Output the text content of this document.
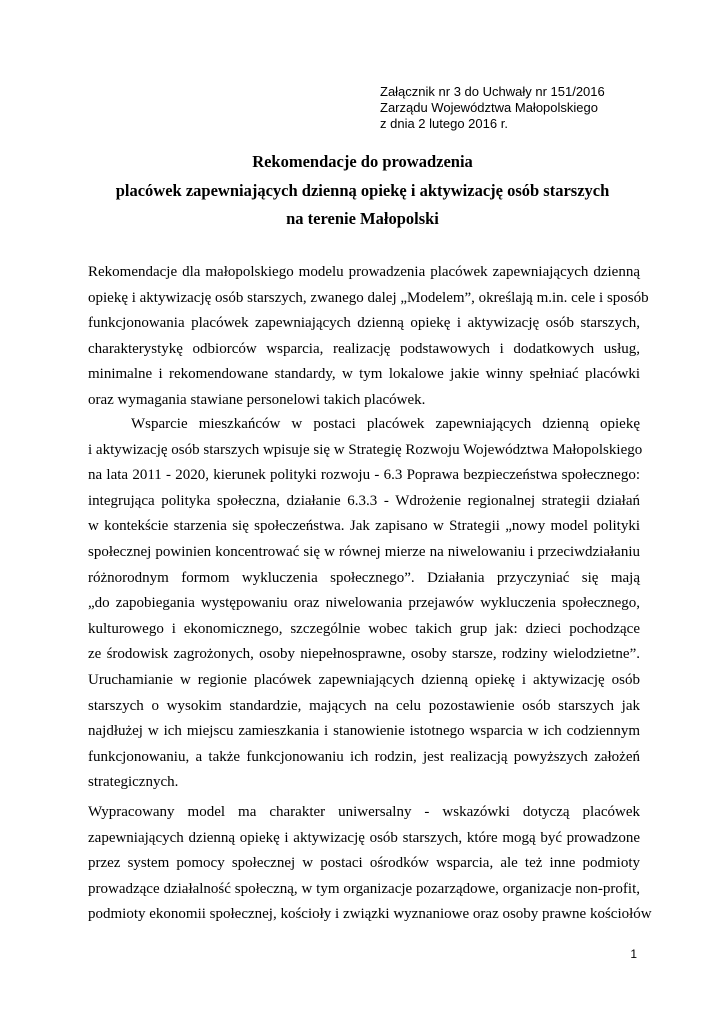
Załącznik nr 3 do Uchwały nr 151/2016
Zarządu Województwa Małopolskiego
z dnia 2 lutego 2016 r.
Rekomendacje do prowadzenia
placówek zapewniających dzienną opiekę i aktywizację osób starszych
na terenie Małopolski
Rekomendacje dla małopolskiego modelu prowadzenia placówek zapewniających dzienną
opiekę i aktywizację osób starszych, zwanego dalej „Modelem”, określają m.in. cele i sposób
funkcjonowania placówek zapewniających dzienną opiekę i aktywizację osób starszych,
charakterystykę odbiorców wsparcia, realizację podstawowych i dodatkowych usług,
minimalne i rekomendowane standardy, w tym lokalowe jakie winny spełniać placówki
oraz wymagania stawiane personelowi takich placówek.
Wsparcie mieszkańców w postaci placówek zapewniających dzienną opiekę
i aktywizację osób starszych wpisuje się w Strategię Rozwoju Województwa Małopolskiego
na lata 2011 - 2020, kierunek polityki rozwoju - 6.3 Poprawa bezpieczeństwa społecznego:
integrująca polityka społeczna, działanie 6.3.3 - Wdrożenie regionalnej strategii działań
w kontekście starzenia się społeczeństwa. Jak zapisano w Strategii „nowy model polityki
społecznej powinien koncentrować się w równej mierze na niwelowaniu i przeciwdziałaniu
różnorodnym formom wykluczenia społecznego”. Działania przyczyniać się mają
„do zapobiegania występowaniu oraz niwelowania przejawów wykluczenia społecznego,
kulturowego i ekonomicznego, szczególnie wobec takich grup jak: dzieci pochodzące
ze środowisk zagrożonych, osoby niepełnosprawne, osoby starsze, rodziny wielodzietne”.
Uruchamianie w regionie placówek zapewniających dzienną opiekę i aktywizację osób
starszych o wysokim standardzie, mających na celu pozostawienie osób starszych jak
najdłużej w ich miejscu zamieszkania i stanowienie istotnego wsparcia w ich codziennym
funkcjonowaniu, a także funkcjonowaniu ich rodzin, jest realizacją powyższych założeń
strategicznych.
Wypracowany model ma charakter uniwersalny - wskazówki dotyczą placówek
zapewniających dzienną opiekę i aktywizację osób starszych, które mogą być prowadzone
przez system pomocy społecznej w postaci ośrodków wsparcia, ale też inne podmioty
prowadzące działalność społeczną, w tym organizacje pozarządowe, organizacje non-profit,
podmioty ekonomii społecznej, kościoły i związki wyznaniowe oraz osoby prawne kościołów
1
